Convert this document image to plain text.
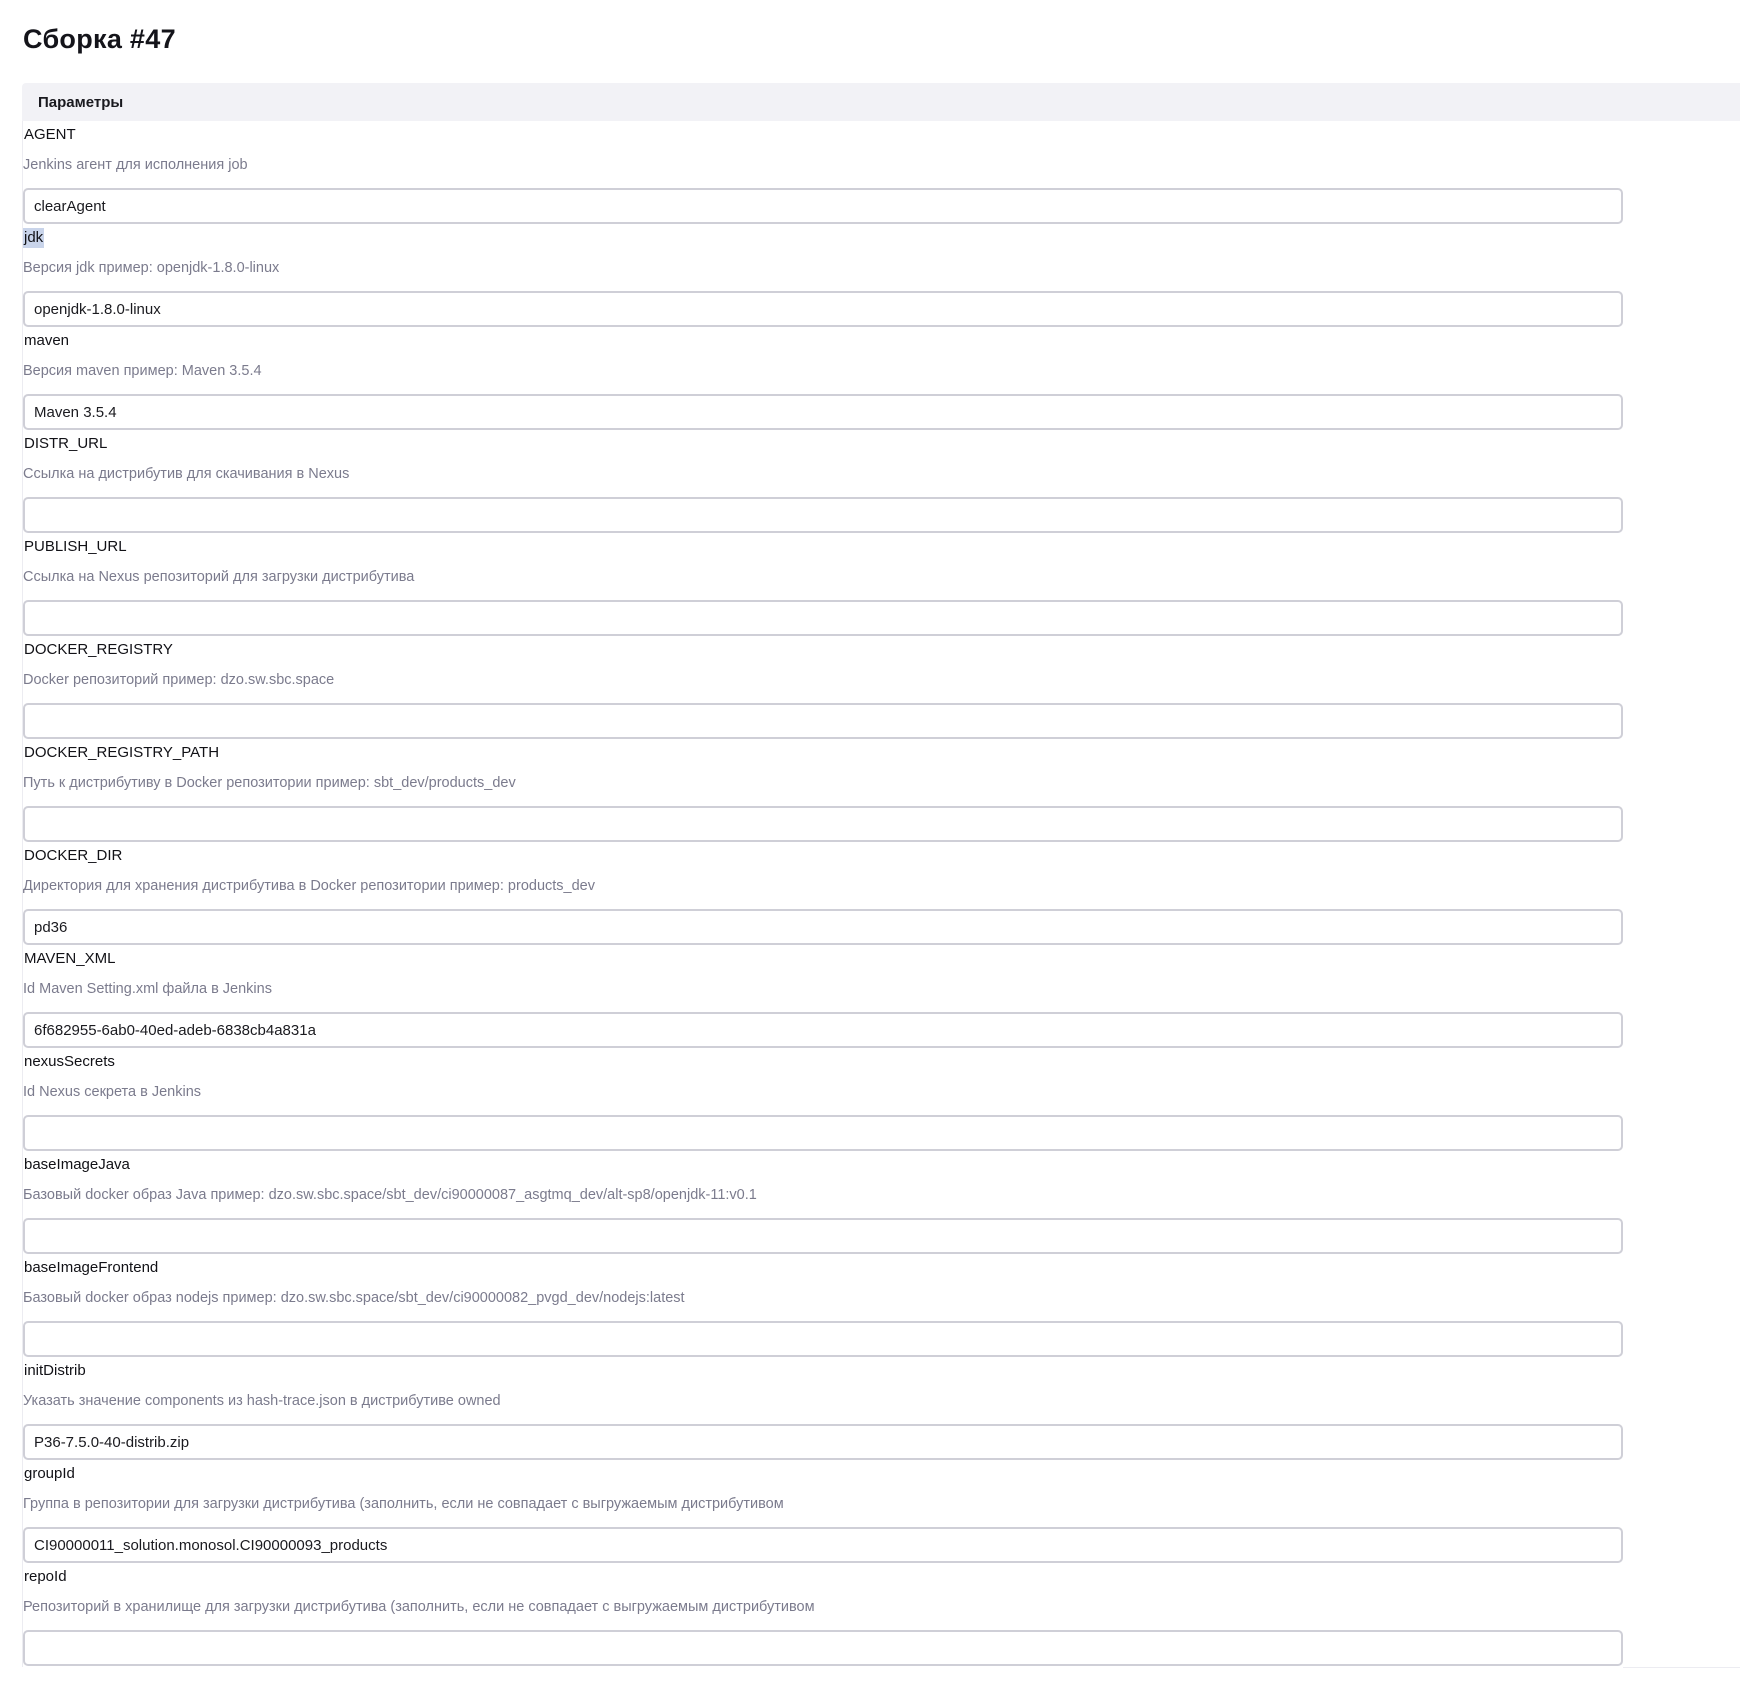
Сборка #47
Параметры
AGENT
Jenkins агент для исполнения job
clearAgent
jdk
Версия jdk пример: openjdk-1.8.0-linux
openjdk-1.8.0-linux
maven
Версия maven пример: Maven 3.5.4
Maven 3.5.4
DISTR_URL
Ссылка на дистрибутив для скачивания в Nexus
PUBLISH_URL
Ссылка на Nexus репозиторий для загрузки дистрибутива
DOCKER_REGISTRY
Docker репозиторий пример: dzo.sw.sbc.space
DOCKER_REGISTRY_PATH
Путь к дистрибутиву в Docker репозитории пример: sbt_dev/products_dev
DOCKER_DIR
Директория для хранения дистрибутива в Docker репозитории пример: products_dev
pd36
MAVEN_XML
Id Maven Setting.xml файла в Jenkins
6f682955-6ab0-40ed-adeb-6838cb4a831a
nexusSecrets
Id Nexus секрета в Jenkins
baseImageJava
Базовый docker образ Java пример: dzo.sw.sbc.space/sbt_dev/ci90000087_asgtmq_dev/alt-sp8/openjdk-11:v0.1
baseImageFrontend
Базовый docker образ nodejs пример: dzo.sw.sbc.space/sbt_dev/ci90000082_pvgd_dev/nodejs:latest
initDistrib
Указать значение components из hash-trace.json в дистрибутиве owned
P36-7.5.0-40-distrib.zip
groupId
Группа в репозитории для загрузки дистрибутива (заполнить, если не совпадает с выгружаемым дистрибутивом
CI90000011_solution.monosol.CI90000093_products
repoId
Репозиторий в хранилище для загрузки дистрибутива (заполнить, если не совпадает с выгружаемым дистрибутивом
